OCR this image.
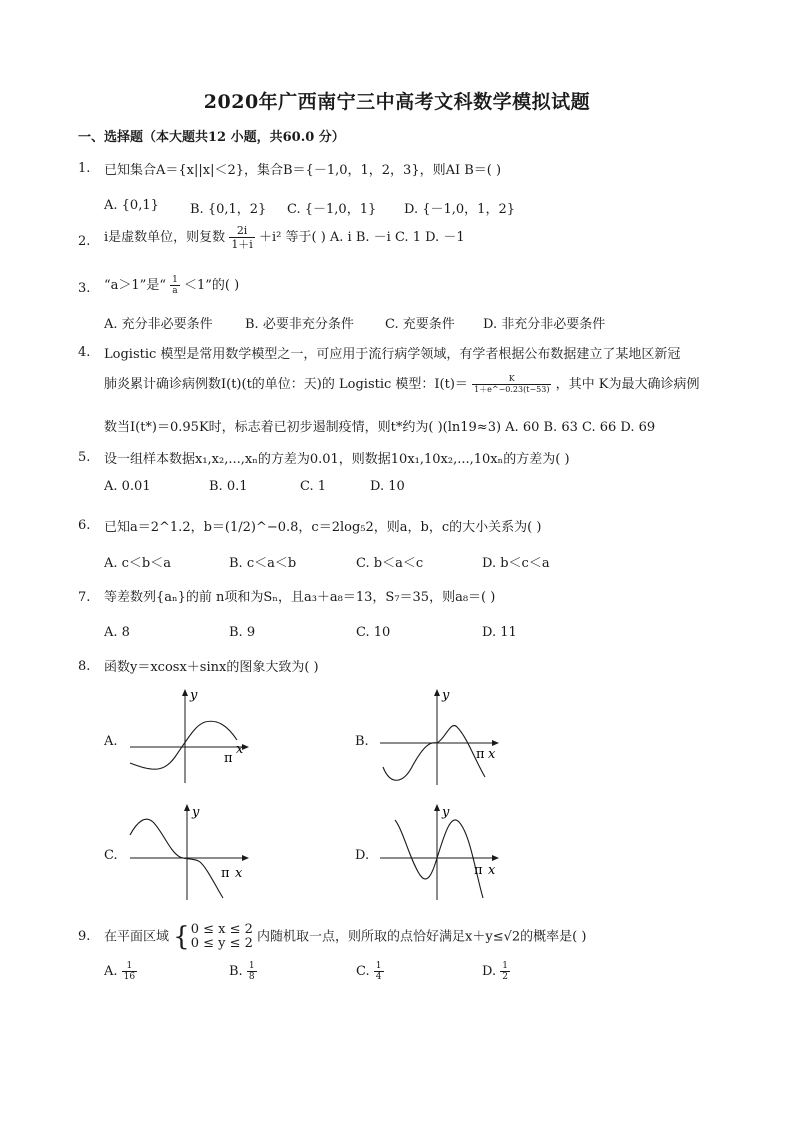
2020年广西南宁三中高考文科数学模拟试题
一、选择题（本大题共12 小题，共60.0 分）
1.	已知集合A＝{x||x|＜2}，集合B＝{－1,0，1，2，3}，则AI B＝( )
A. {0,1} B. {0,1，2} C. {－1,0，1} D. {－1,0，1，2}
2.	i是虚数单位，则复数 $\frac{2i}{1+i} +i^2$ 等于( ) A. i B. －i C. 1 D. －1
3.	“a＞1”是“ $\frac{1}{a} <1$”的( )
A. 充分非必要条件 B. 必要非充分条件 C. 充要条件 D. 非充分非必要条件
4.	Logistic 模型是常用数学模型之一，可应用于流行病学领域，有学者根据公布数据建立了某地区新冠
肺炎累计确诊病例数I(t)(t的单位：天)的 Logistic 模型：$I(t)= \frac{K}{1+e\^{}-0.23(t-53)}$ ，其中 K为最大确诊病例
数当I(t*)＝0.95K时，标志着已初步遏制疫情，则t*约为( )(ln19≈3) A. 60 B. 63 C. 66 D. 69
5.	设一组样本数据x₁,x₂,...,xₙ的方差为0.01，则数据10x₁,10x₂,...,10xₙ的方差为( )
A. 0.01	B. 0.1	C. 1	D. 10
6.	已知a＝2^1.2，b＝(1/2)^−0.8，c＝2log₅2，则a，b，c的大小关系为( )
A. c＜b＜a	B. c＜a＜b	C. b＜a＜c	D. b＜c＜a
7.	等差数列{aₙ}的前 n项和为Sₙ，且a₃＋a₈＝13，S₇＝35，则a₈＝( )
A. 8	B. 9	C. 10	D. 11
8.	函数y＝xcosx＋sinx的图象大致为( )
A.
y
π
x
B.
y
π x
C.
y
π x
D.
y
π x
9.	在平面区域 { 0 ≤ x ≤ 2
0 ≤ y ≤ 2 内随机取一点，则所取的点恰好满足x＋y≤√2的概率是( )
A. $\frac{1}{16}$	B. $\frac{1}{8}$	C. $\frac{1}{4}$	D. $\frac{1}{2}$
